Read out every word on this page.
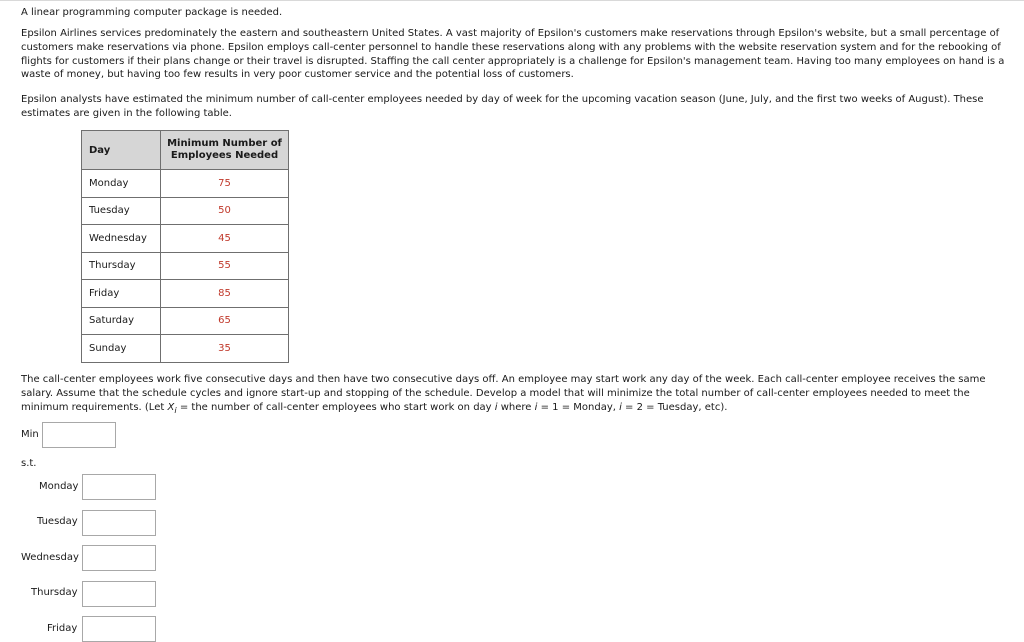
A linear programming computer package is needed.

Epsilon Airlines services predominately the eastern and southeastern United States. A vast majority of Epsilon's customers make reservations through Epsilon's website, but a small percentage of customers make reservations via phone. Epsilon employs call-center personnel to handle these reservations along with any problems with the website reservation system and for the rebooking of flights for customers if their plans change or their travel is disrupted. Staffing the call center appropriately is a challenge for Epsilon's management team. Having too many employees on hand is a waste of money, but having too few results in very poor customer service and the potential loss of customers.

Epsilon analysts have estimated the minimum number of call-center employees needed by day of week for the upcoming vacation season (June, July, and the first two weeks of August). These estimates are given in the following table.

Day	Minimum Number of
Employees Needed
Monday	75
Tuesday	50
Wednesday	45
Thursday	55
Friday	85
Saturday	65
Sunday	35

The call-center employees work five consecutive days and then have two consecutive days off. An employee may start work any day of the week. Each call-center employee receives the same salary. Assume that the schedule cycles and ignore start-up and stopping of the schedule. Develop a model that will minimize the total number of call-center employees needed to meet the minimum requirements. (Let $X_i$ = the number of call-center employees who start work on day i where i = 1 = Monday, i = 2 = Tuesday, etc).

Min
s.t.
Monday
Tuesday
Wednesday
Thursday
Friday
